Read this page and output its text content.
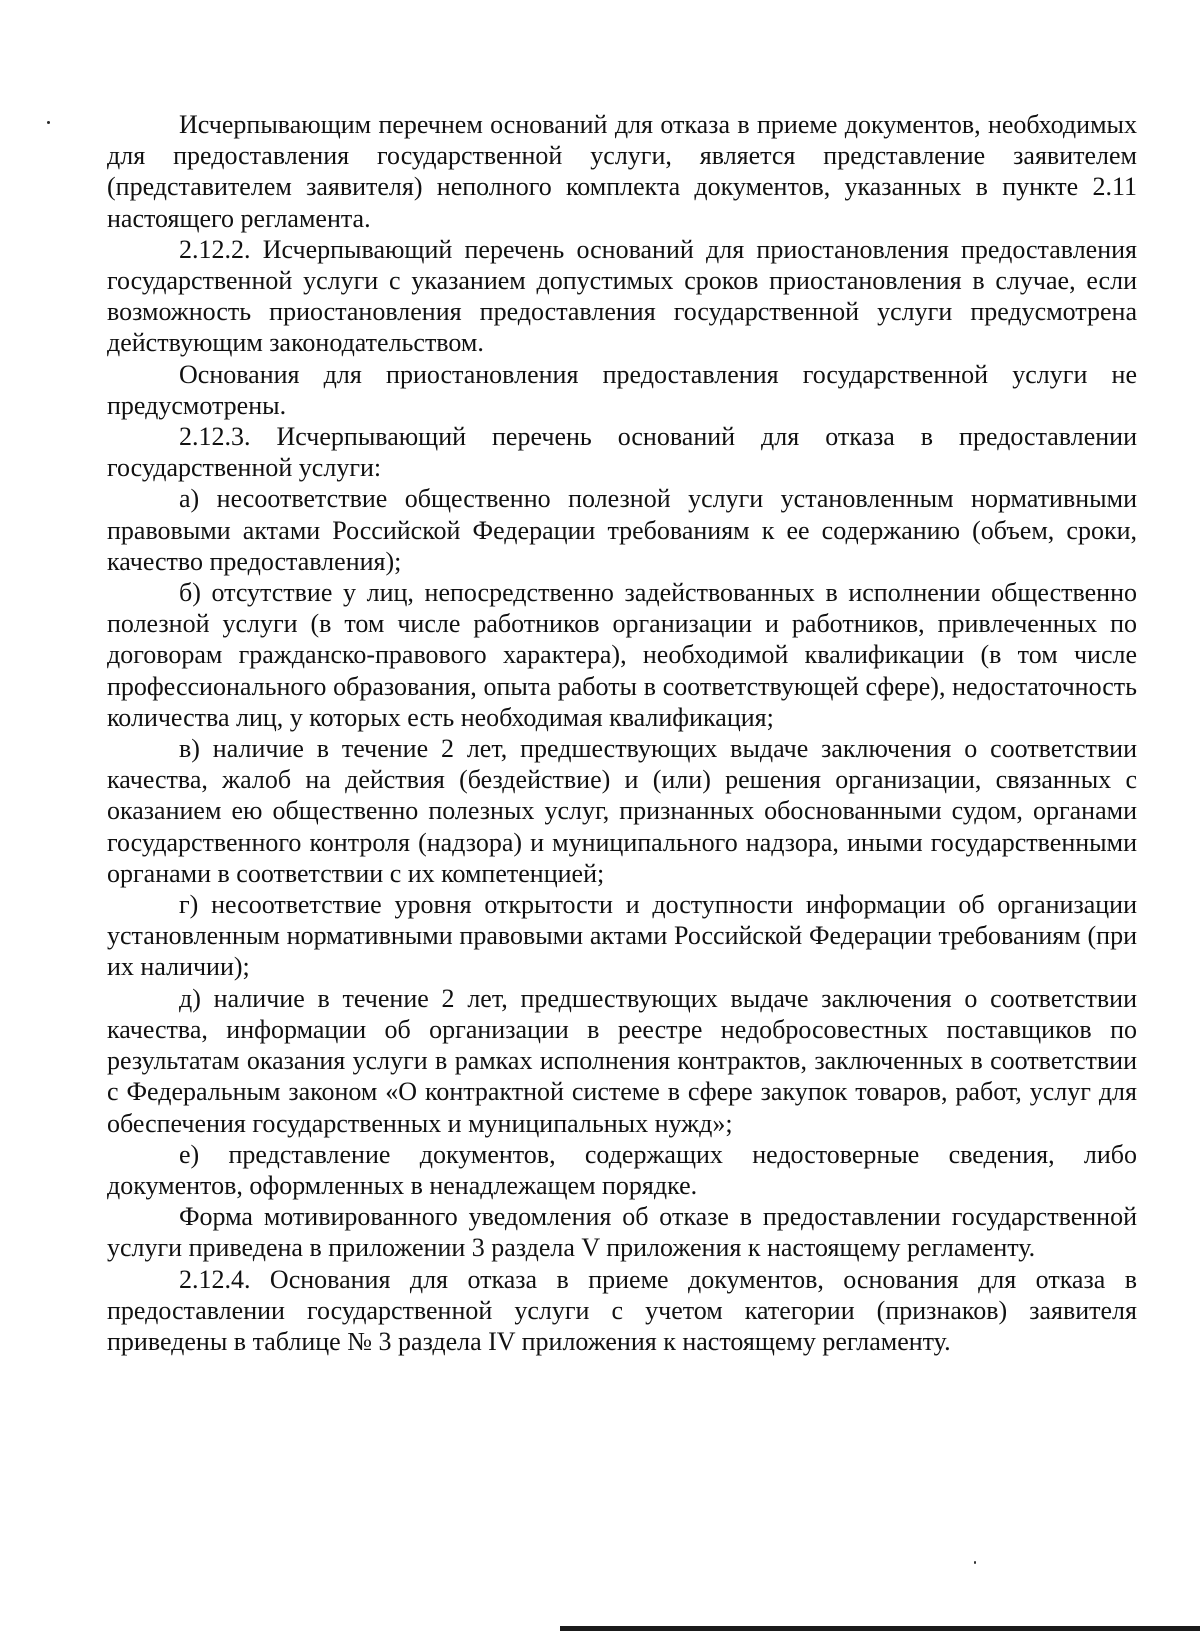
Исчерпывающим перечнем оснований для отказа в приеме документов, необходимых для предоставления государственной услуги, является представление заявителем (представителем заявителя) неполного комплекта документов, указанных в пункте 2.11 настоящего регламента.

2.12.2. Исчерпывающий перечень оснований для приостановления предоставления государственной услуги с указанием допустимых сроков приостановления в случае, если возможность приостановления предоставления государственной услуги предусмотрена действующим законодательством.

Основания для приостановления предоставления государственной услуги не предусмотрены.

2.12.3. Исчерпывающий перечень оснований для отказа в предоставлении государственной услуги:

а) несоответствие общественно полезной услуги установленным нормативными правовыми актами Российской Федерации требованиям к ее содержанию (объем, сроки, качество предоставления);

б) отсутствие у лиц, непосредственно задействованных в исполнении общественно полезной услуги (в том числе работников организации и работников, привлеченных по договорам гражданско-правового характера), необходимой квалификации (в том числе профессионального образования, опыта работы в соответствующей сфере), недостаточность количества лиц, у которых есть необходимая квалификация;

в) наличие в течение 2 лет, предшествующих выдаче заключения о соответствии качества, жалоб на действия (бездействие) и (или) решения организации, связанных с оказанием ею общественно полезных услуг, признанных обоснованными судом, органами государственного контроля (надзора) и муниципального надзора, иными государственными органами в соответствии с их компетенцией;

г) несоответствие уровня открытости и доступности информации об организации установленным нормативными правовыми актами Российской Федерации требованиям (при их наличии);

д) наличие в течение 2 лет, предшествующих выдаче заключения о соответствии качества, информации об организации в реестре недобросовестных поставщиков по результатам оказания услуги в рамках исполнения контрактов, заключенных в соответствии с Федеральным законом «О контрактной системе в сфере закупок товаров, работ, услуг для обеспечения государственных и муниципальных нужд»;

е) представление документов, содержащих недостоверные сведения, либо документов, оформленных в ненадлежащем порядке.

Форма мотивированного уведомления об отказе в предоставлении государственной услуги приведена в приложении 3 раздела V приложения к настоящему регламенту.

2.12.4. Основания для отказа в приеме документов, основания для отказа в предоставлении государственной услуги с учетом категории (признаков) заявителя приведены в таблице № 3 раздела IV приложения к настоящему регламенту.
